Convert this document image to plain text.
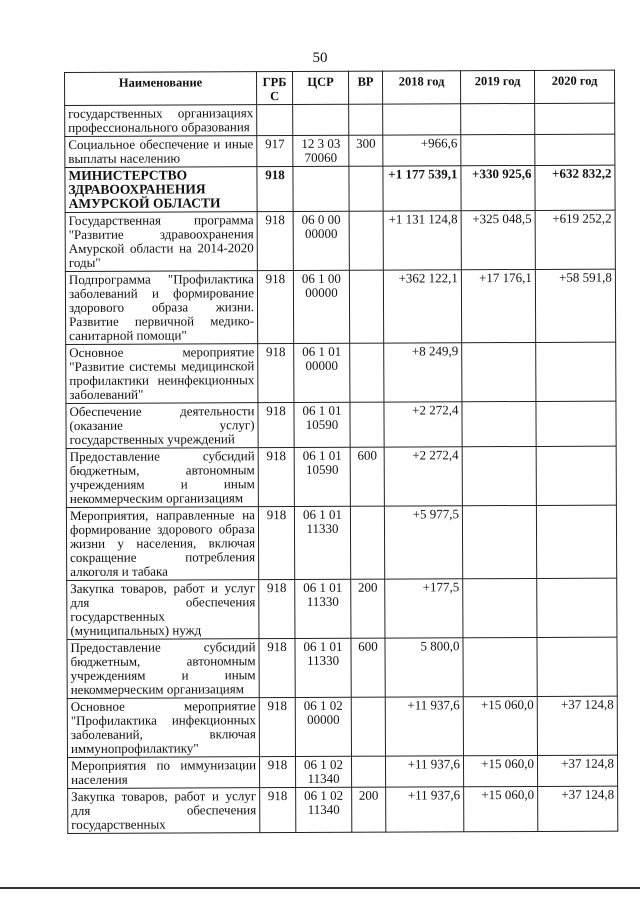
50
Наименование	ГРБ С	ЦСР	ВР	2018 год	2019 год	2020 год
государственных организациях профессионального образования						
Социальное обеспечение и иные выплаты населению	917	12 3 03 70060	300	+966,6		
МИНИСТЕРСТВО ЗДРАВООХРАНЕНИЯ АМУРСКОЙ ОБЛАСТИ	918			+1 177 539,1	+330 925,6	+632 832,2
Государственная программа "Развитие здравоохранения Амурской области на 2014-2020 годы"	918	06 0 00 00000		+1 131 124,8	+325 048,5	+619 252,2
Подпрограмма "Профилактика заболеваний и формирование здорового образа жизни. Развитие первичной медико-санитарной помощи"	918	06 1 00 00000		+362 122,1	+17 176,1	+58 591,8
Основное мероприятие "Развитие системы медицинской профилактики неинфекционных заболеваний"	918	06 1 01 00000		+8 249,9		
Обеспечение деятельности (оказание услуг) государственных учреждений	918	06 1 01 10590		+2 272,4		
Предоставление субсидий бюджетным, автономным учреждениям и иным некоммерческим организациям	918	06 1 01 10590	600	+2 272,4		
Мероприятия, направленные на формирование здорового образа жизни у населения, включая сокращение потребления алкоголя и табака	918	06 1 01 11330		+5 977,5		
Закупка товаров, работ и услуг для обеспечения государственных (муниципальных) нужд	918	06 1 01 11330	200	+177,5		
Предоставление субсидий бюджетным, автономным учреждениям и иным некоммерческим организациям	918	06 1 01 11330	600	5 800,0		
Основное мероприятие "Профилактика инфекционных заболеваний, включая иммунопрофилактику"	918	06 1 02 00000		+11 937,6	+15 060,0	+37 124,8
Мероприятия по иммунизации населения	918	06 1 02 11340		+11 937,6	+15 060,0	+37 124,8
Закупка товаров, работ и услуг для обеспечения государственных	918	06 1 02 11340	200	+11 937,6	+15 060,0	+37 124,8
